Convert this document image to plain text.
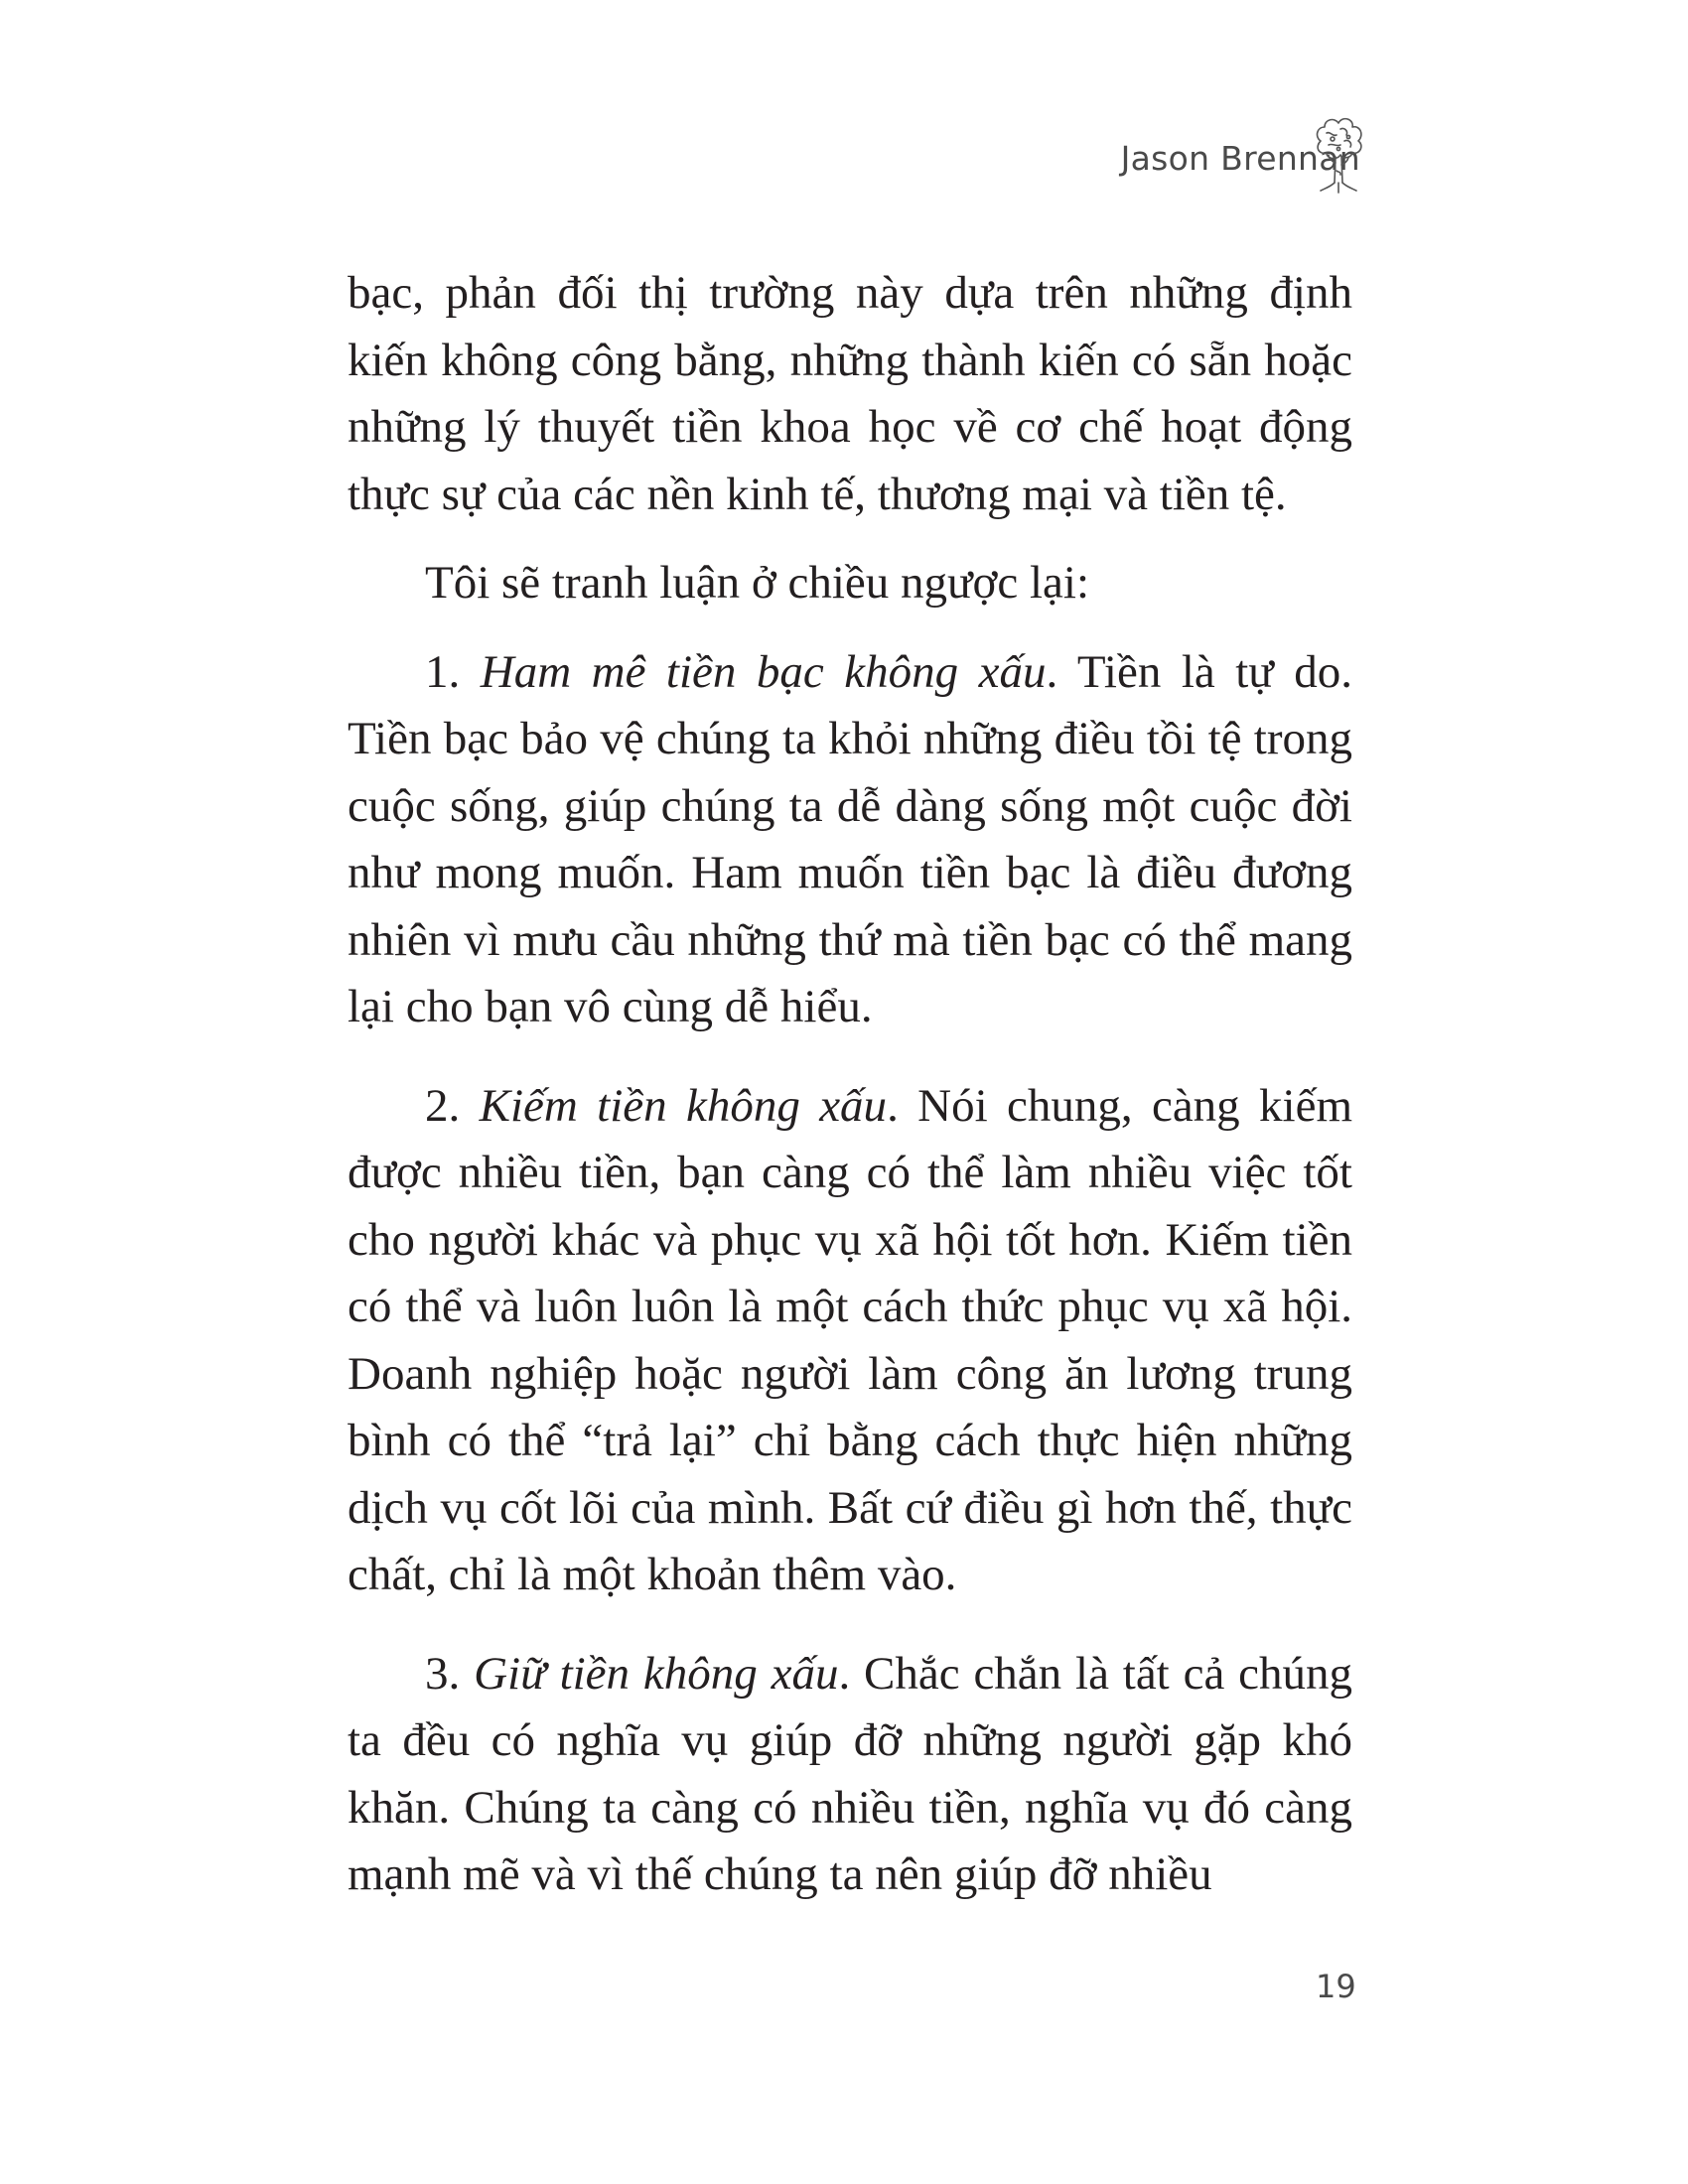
Jason Brennan

bạc, phản đối thị trường này dựa trên những định kiến không công bằng, những thành kiến có sẵn hoặc những lý thuyết tiền khoa học về cơ chế hoạt động thực sự của các nền kinh tế, thương mại và tiền tệ.

Tôi sẽ tranh luận ở chiều ngược lại:

1. Ham mê tiền bạc không xấu. Tiền là tự do. Tiền bạc bảo vệ chúng ta khỏi những điều tồi tệ trong cuộc sống, giúp chúng ta dễ dàng sống một cuộc đời như mong muốn. Ham muốn tiền bạc là điều đương nhiên vì mưu cầu những thứ mà tiền bạc có thể mang lại cho bạn vô cùng dễ hiểu.

2. Kiếm tiền không xấu. Nói chung, càng kiếm được nhiều tiền, bạn càng có thể làm nhiều việc tốt cho người khác và phục vụ xã hội tốt hơn. Kiếm tiền có thể và luôn luôn là một cách thức phục vụ xã hội. Doanh nghiệp hoặc người làm công ăn lương trung bình có thể “trả lại” chỉ bằng cách thực hiện những dịch vụ cốt lõi của mình. Bất cứ điều gì hơn thế, thực chất, chỉ là một khoản thêm vào.

3. Giữ tiền không xấu. Chắc chắn là tất cả chúng ta đều có nghĩa vụ giúp đỡ những người gặp khó khăn. Chúng ta càng có nhiều tiền, nghĩa vụ đó càng mạnh mẽ và vì thế chúng ta nên giúp đỡ nhiều

19
